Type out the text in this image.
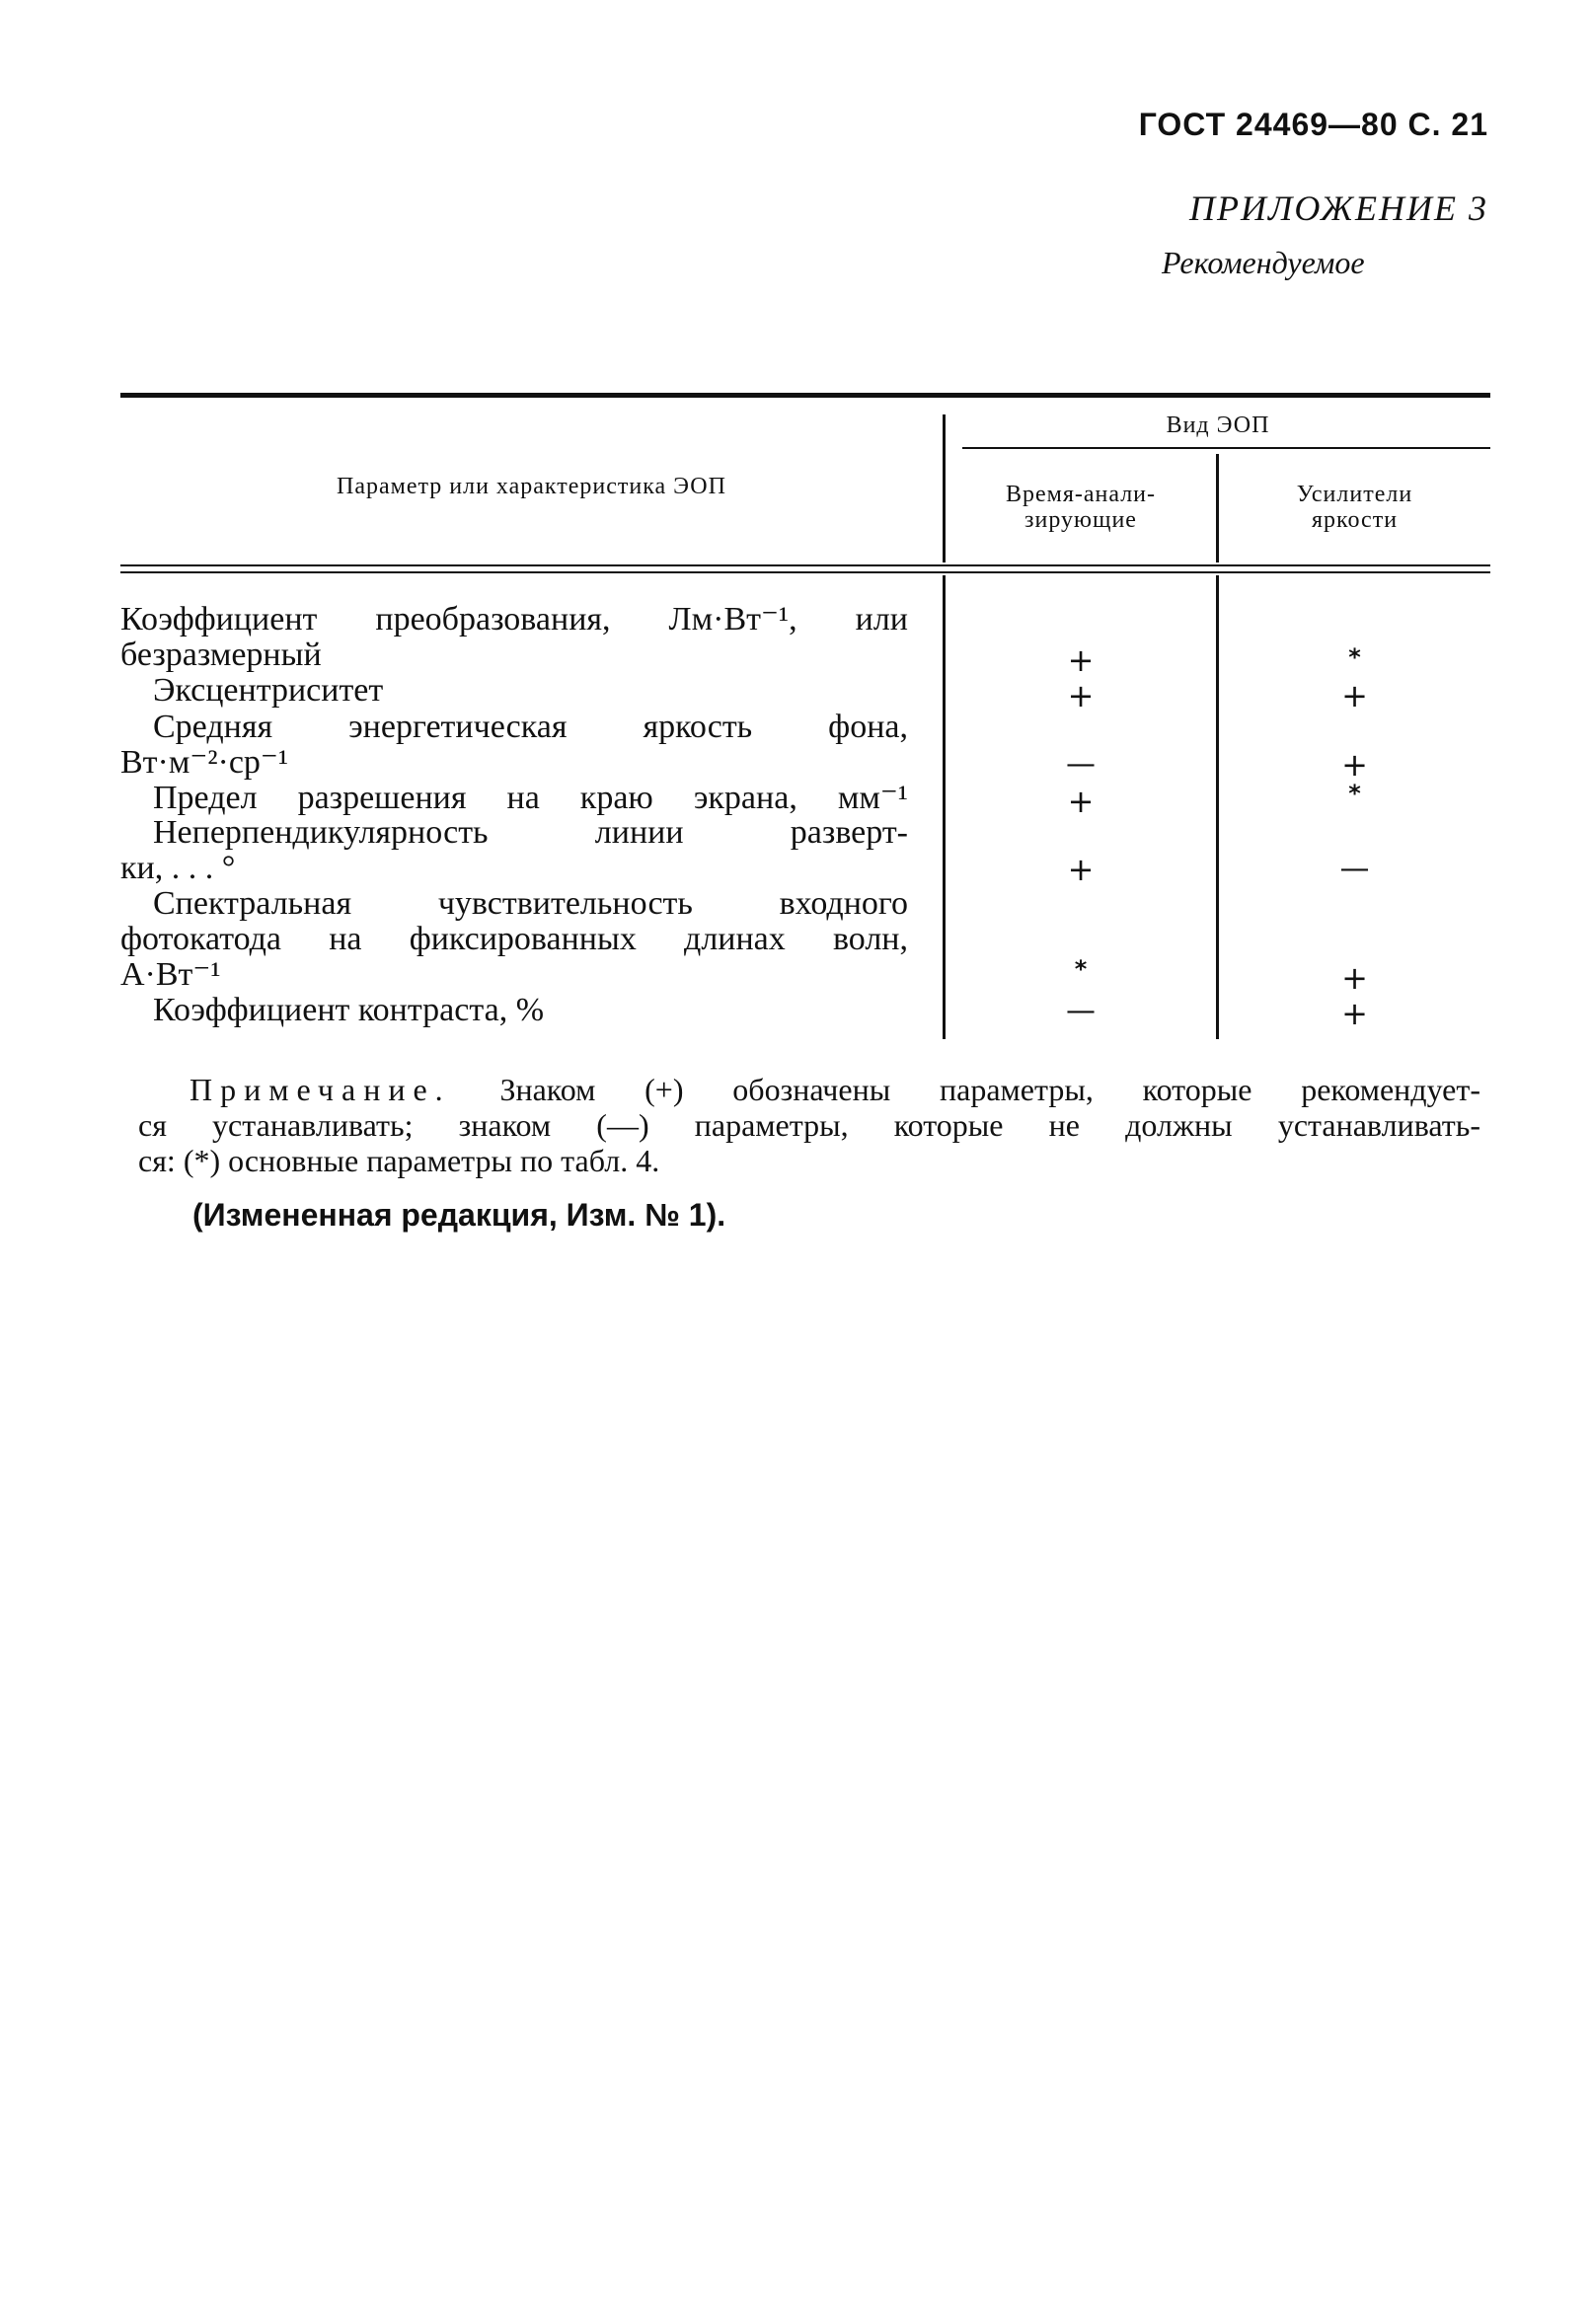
ГОСТ 24469—80 С. 21
ПРИЛОЖЕНИЕ 3
Рекомендуемое
Параметр или характеристика ЭОП
Вид ЭОП
Время-анали-
зирующие
Усилители
яркости
Коэффициент преобразования, Лм·Вт⁻¹, или
безразмерный	+	*
Эксцентриситет	+	+
Средняя энергетическая яркость фона,
Вт·м⁻²·ср⁻¹	—	+
Предел разрешения на краю экрана, мм⁻¹	+	*
Неперпендикулярность линии разверт-
ки, . . . °	+	—
Спектральная чувствительность входного
фотокатода на фиксированных длинах волн,
А·Вт⁻¹	*	+
Коэффициент контраста, %	—	+
Примечание. Знаком (+) обозначены параметры, которые рекомендует-
ся устанавливать; знаком (—) параметры, которые не должны устанавливать-
ся: (*) основные параметры по табл. 4.
(Измененная редакция, Изм. № 1).
